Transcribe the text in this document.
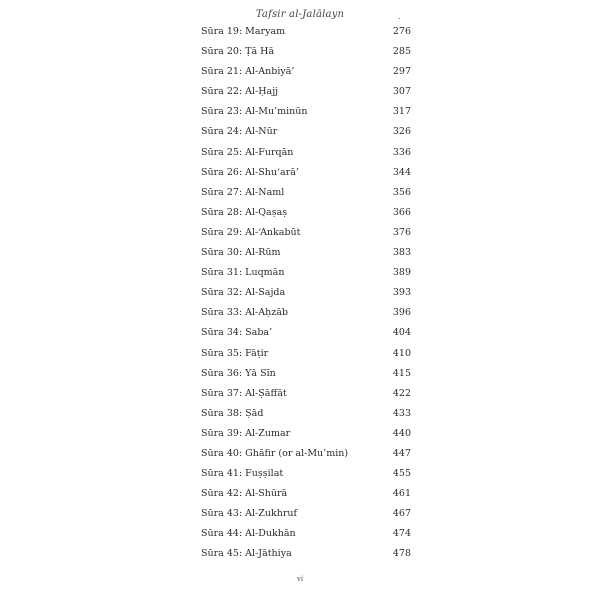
Tafsir al-Jalālayn	.
Sūra 19: Maryam	276
Sūra 20: Ṭā Hā	285
Sūra 21: Al-Anbiyā’	297
Sūra 22: Al-Ḥajj	307
Sūra 23: Al-Mu’minūn	317
Sūra 24: Al-Nūr	326
Sūra 25: Al-Furqān	336
Sūra 26: Al-Shu‘arā’	344
Sūra 27: Al-Naml	356
Sūra 28: Al-Qaṣaṣ	366
Sūra 29: Al-‘Ankabūt	376
Sūra 30: Al-Rūm	383
Sūra 31: Luqmān	389
Sūra 32: Al-Sajda	393
Sūra 33: Al-Aḥzāb	396
Sūra 34: Saba’	404
Sūra 35: Fāṭir	410
Sūra 36: Yā Sīn	415
Sūra 37: Al-Ṣāffāt	422
Sūra 38: Ṣād	433
Sūra 39: Al-Zumar	440
Sūra 40: Ghāfir (or al-Mu’min)	447
Sūra 41: Fuṣṣilat	455
Sūra 42: Al-Shūrā	461
Sūra 43: Al-Zukhruf	467
Sūra 44: Al-Dukhān	474
Sūra 45: Al-Jāthiya	478
vi
